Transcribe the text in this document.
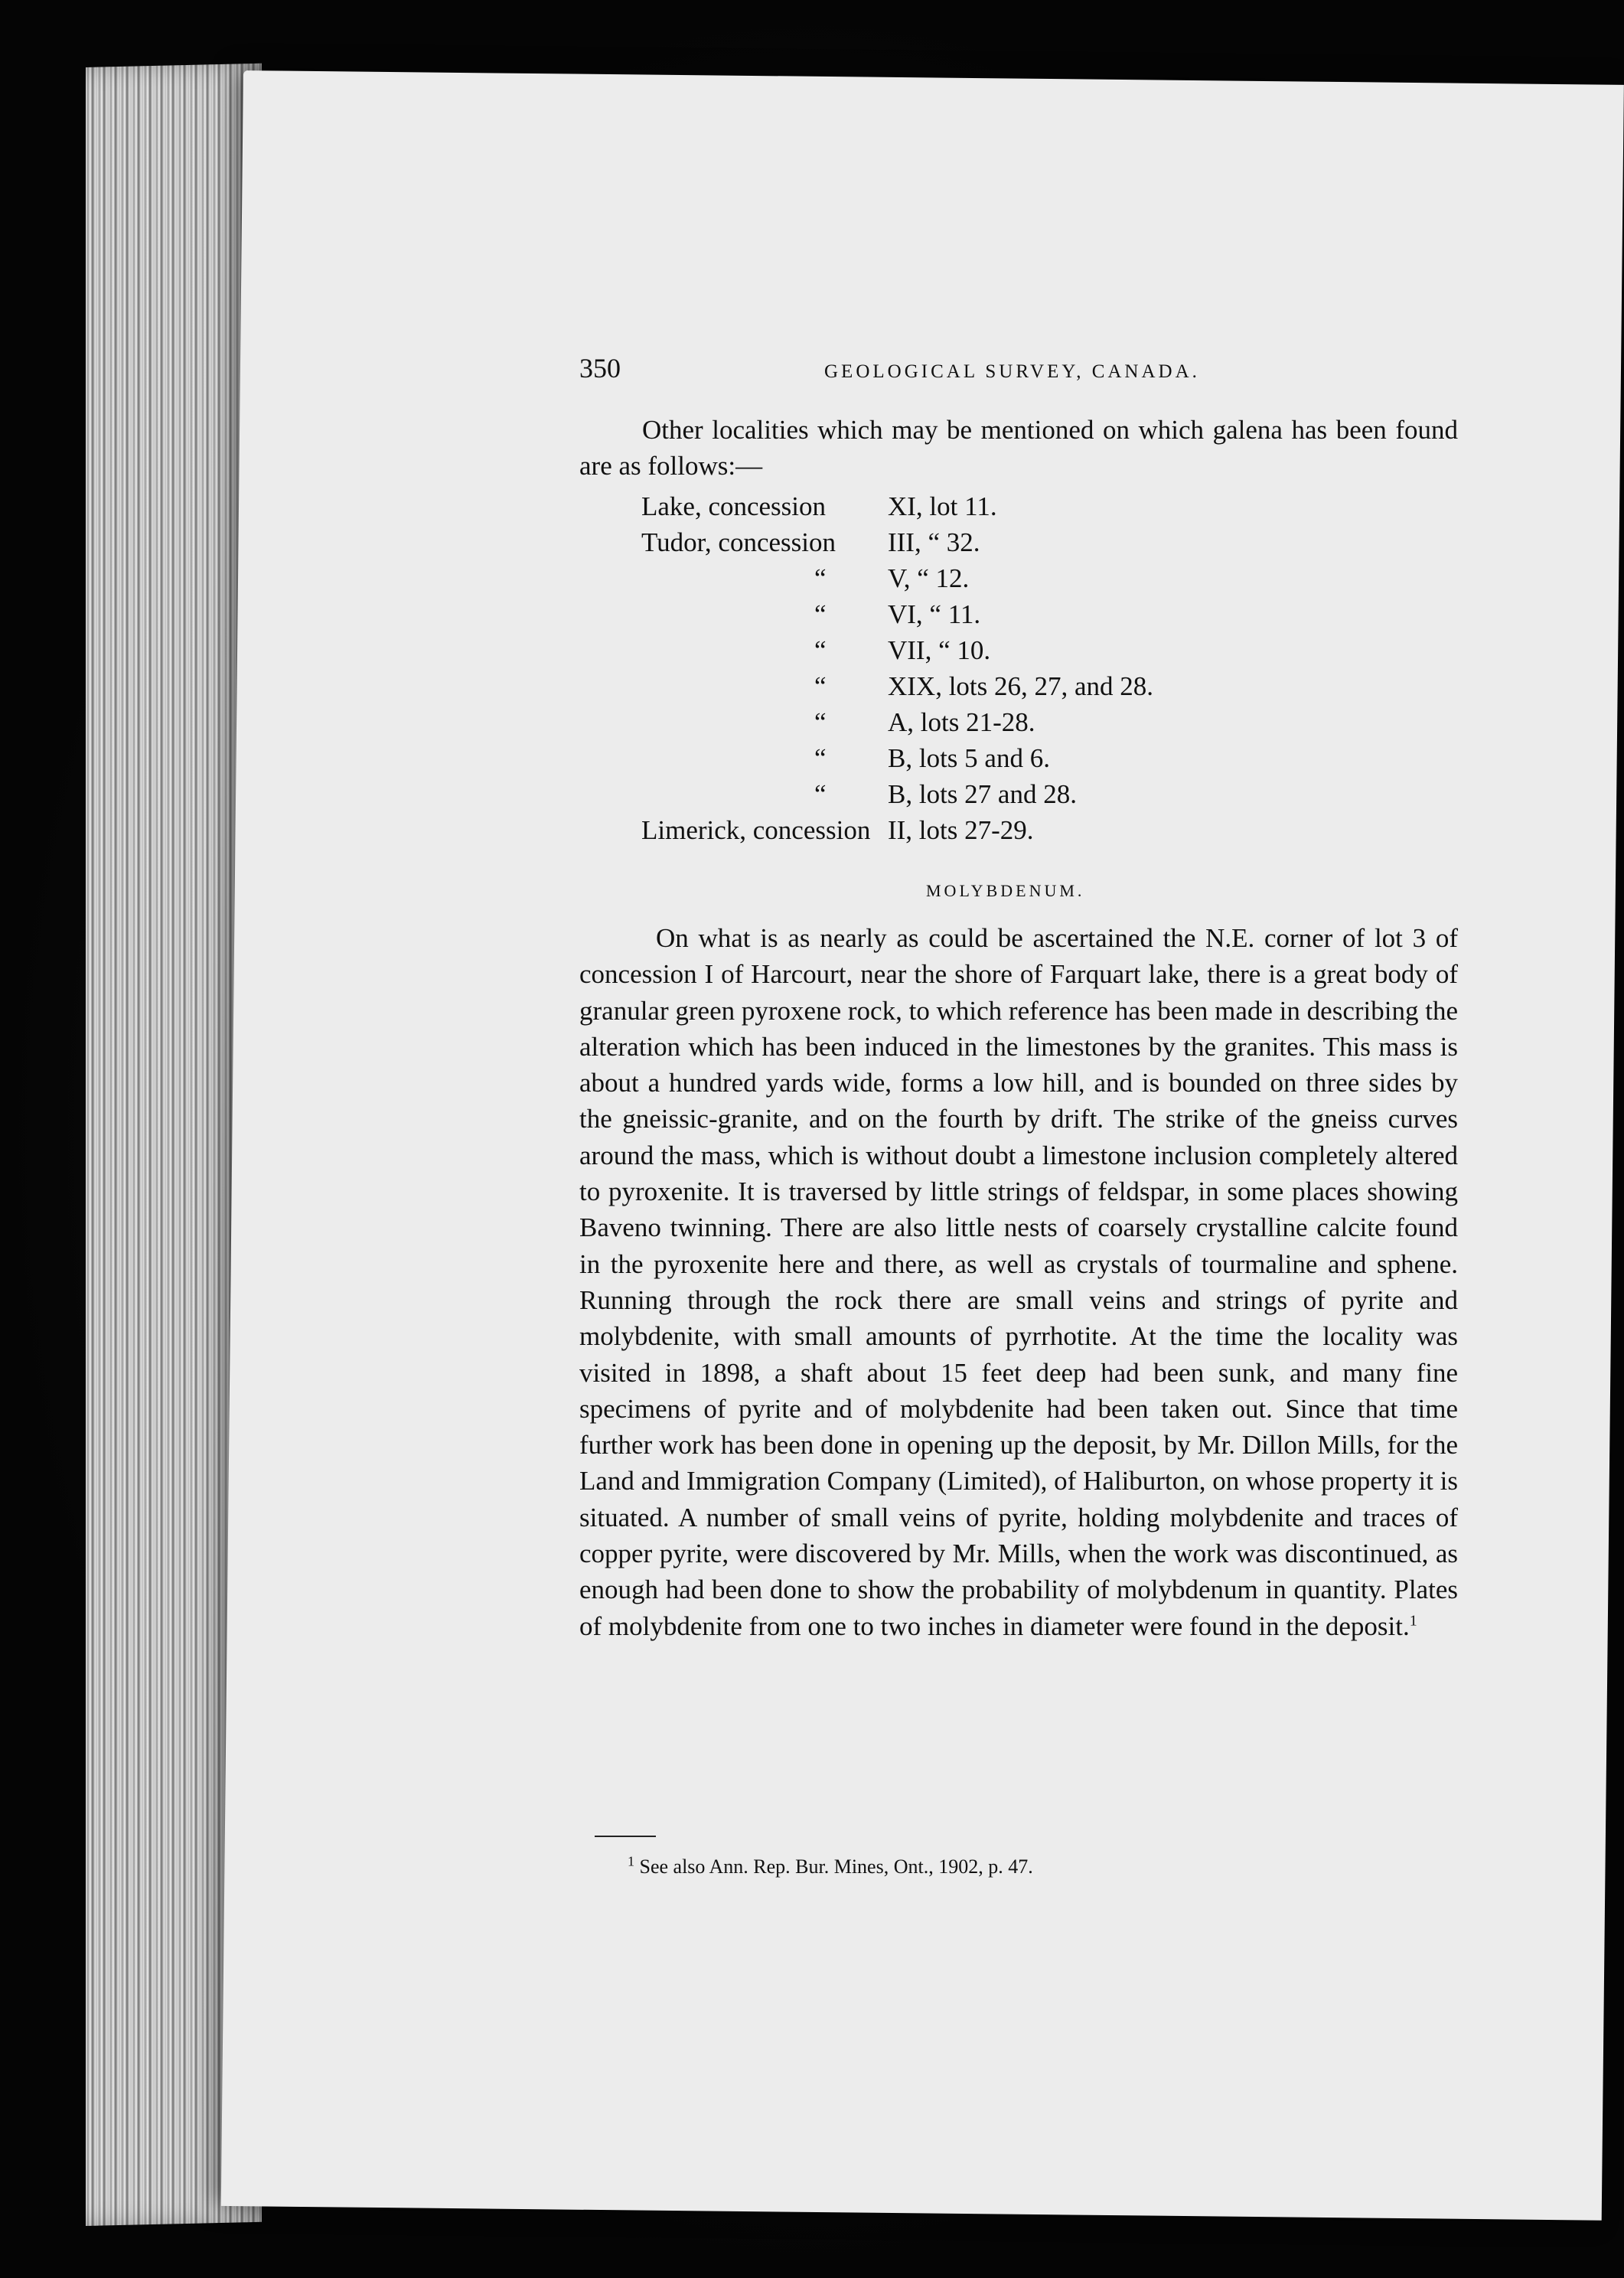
350	GEOLOGICAL SURVEY, CANADA.
Other localities which may be mentioned on which galena has been found are as follows:—
Lake, concession XI, lot 11.
Tudor, concession III, “ 32.
“ V, “ 12.
“ VI, “ 11.
“ VII, “ 10.
“ XIX, lots 26, 27, and 28.
“ A, lots 21-28.
“ B, lots 5 and 6.
“ B, lots 27 and 28.
Limerick, concession II, lots 27-29.
MOLYBDENUM.
On what is as nearly as could be ascertained the N.E. corner of lot 3 of concession I of Harcourt, near the shore of Farquart lake, there is a great body of granular green pyroxene rock, to which reference has been made in describing the alteration which has been induced in the limestones by the granites. This mass is about a hundred yards wide, forms a low hill, and is bounded on three sides by the gneissic-granite, and on the fourth by drift. The strike of the gneiss curves around the mass, which is without doubt a limestone inclusion completely altered to pyroxenite. It is traversed by little strings of feldspar, in some places showing Baveno twinning. There are also little nests of coarsely crystalline calcite found in the pyroxenite here and there, as well as crystals of tourmaline and sphene. Running through the rock there are small veins and strings of pyrite and molybdenite, with small amounts of pyrrhotite. At the time the locality was visited in 1898, a shaft about 15 feet deep had been sunk, and many fine specimens of pyrite and of molybdenite had been taken out. Since that time further work has been done in opening up the deposit, by Mr. Dillon Mills, for the Land and Immigration Company (Limited), of Haliburton, on whose property it is situated. A number of small veins of pyrite, holding molybdenite and traces of copper pyrite, were discovered by Mr. Mills, when the work was discontinued, as enough had been done to show the probability of molybdenum in quantity. Plates of molybdenite from one to two inches in diameter were found in the deposit.$^1$
$^1$ See also Ann. Rep. Bur. Mines, Ont., 1902, p. 47.
